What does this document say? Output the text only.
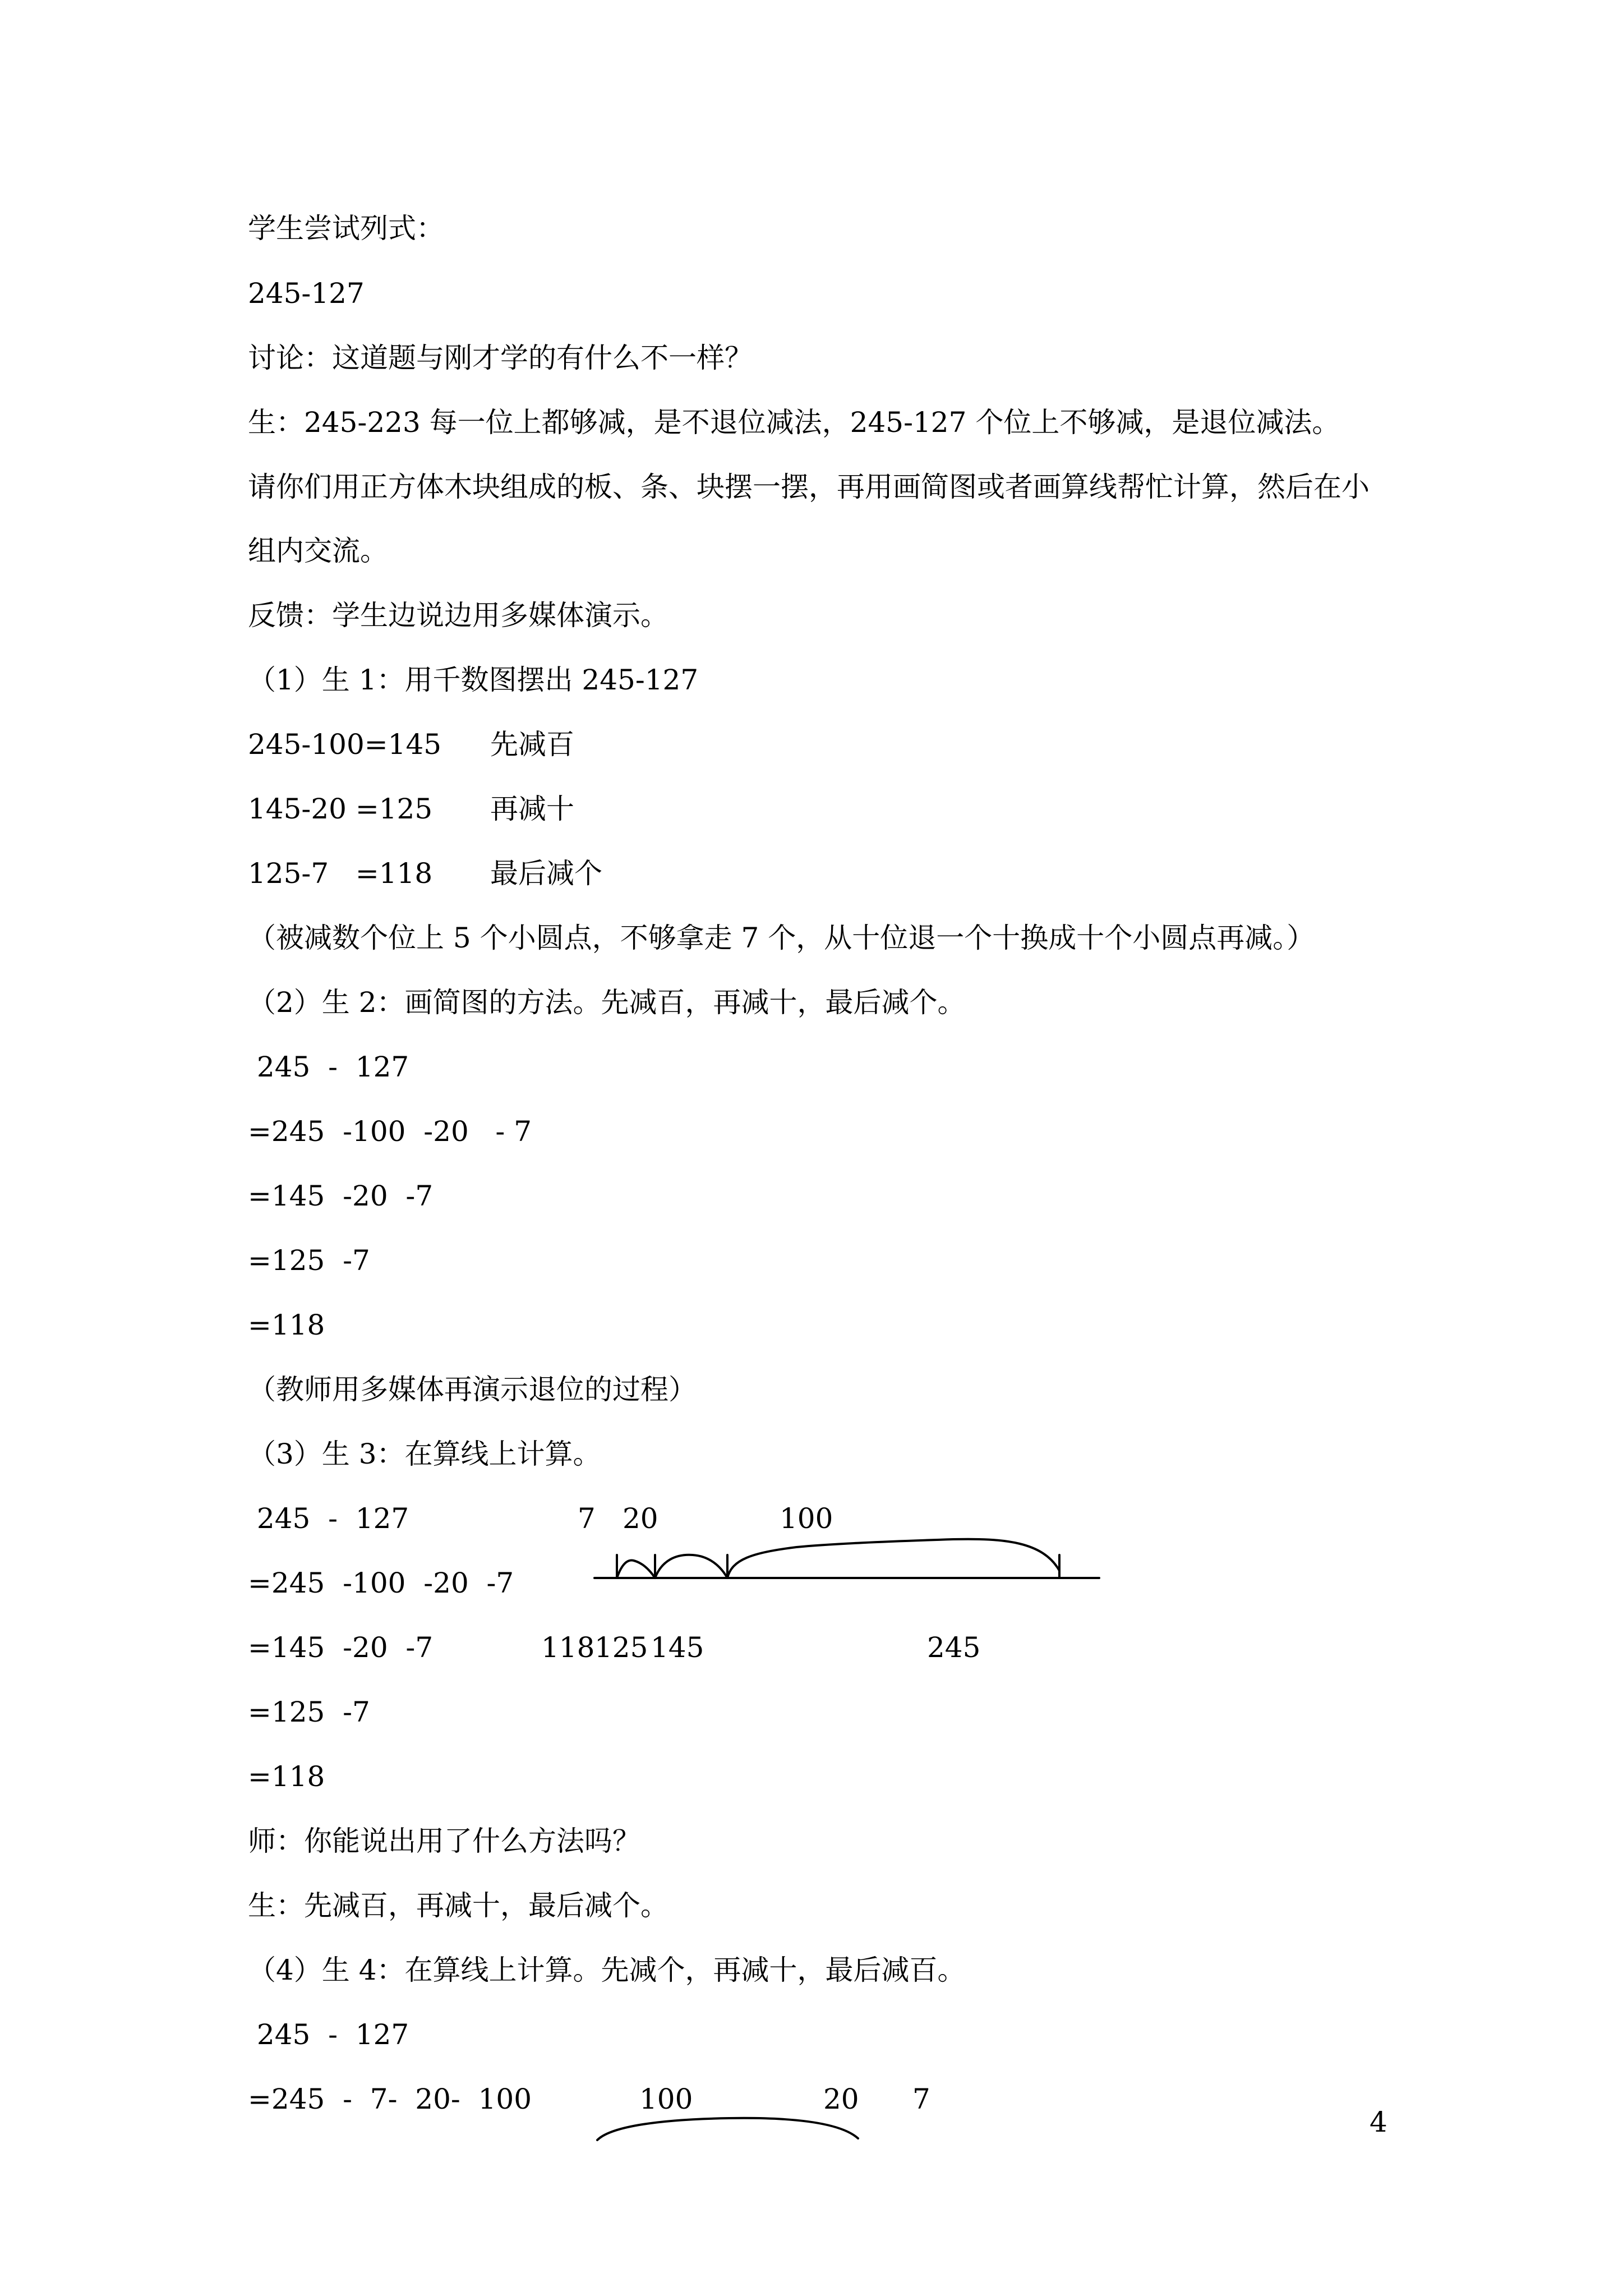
学生尝试列式：
245-127
讨论：这道题与刚才学的有什么不一样？
生：245-223 每一位上都够减，是不退位减法，245-127 个位上不够减，是退位减法。
请你们用正方体木块组成的板、条、块摆一摆，再用画简图或者画算线帮忙计算，然后在小
组内交流。
反馈：学生边说边用多媒体演示。
（1）生 1：用千数图摆出 245-127
245-100=145 先减百
145-20 =125 再减十
125-7   =118 最后减个
（被减数个位上 5 个小圆点，不够拿走 7 个，从十位退一个十换成十个小圆点再减。）
（2）生 2：画简图的方法。先减百，再减十，最后减个。
245  -  127
=245  -100  -20   - 7
=145  -20  -7
=125  -7
=118
（教师用多媒体再演示退位的过程）
（3）生 3：在算线上计算。
245  -  127
=245  -100  -20  -7
=145  -20  -7
=125  -7
=118
师：你能说出用了什么方法吗？
生：先减百，再减十，最后减个。
（4）生 4：在算线上计算。先减个，再减十，最后减百。
245  -  127
=245  -  7-  20-  100
7 20	100
118 125 145	245
100	20 7
4
